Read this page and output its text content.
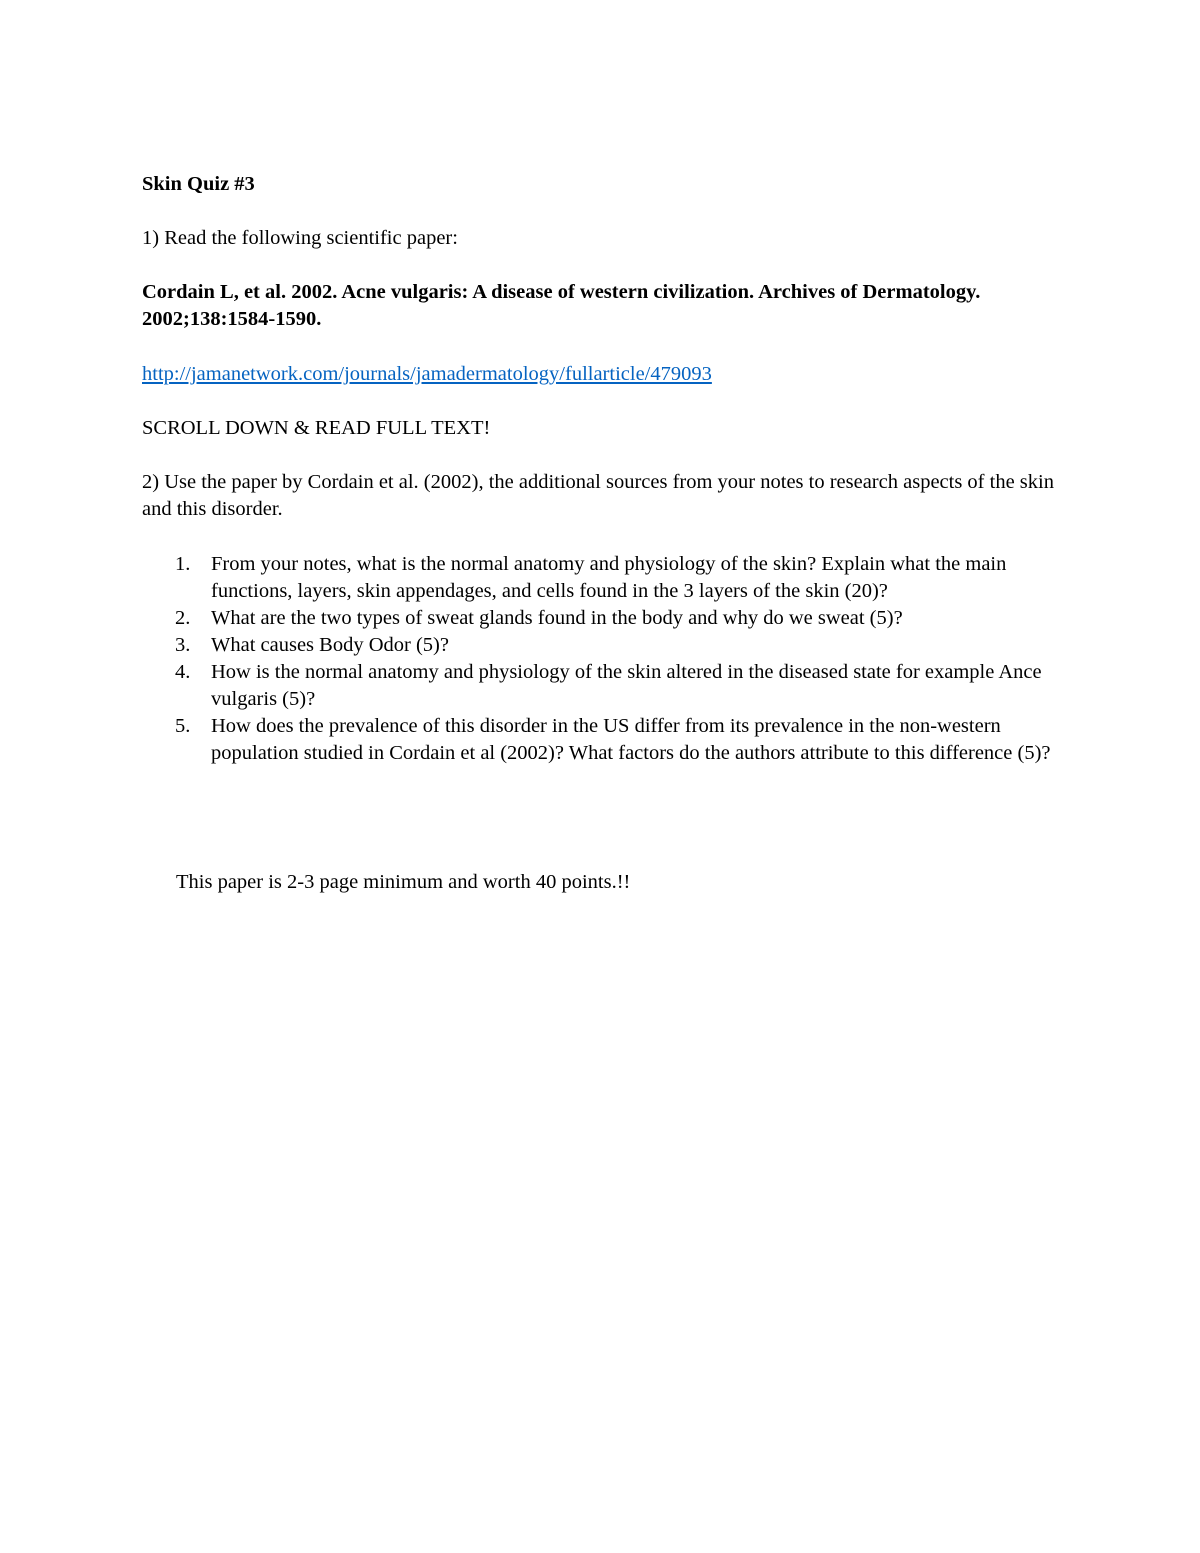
Skin Quiz #3

1) Read the following scientific paper:

Cordain L, et al. 2002. Acne vulgaris: A disease of western civilization. Archives of Dermatology. 2002;138:1584-1590.

http://jamanetwork.com/journals/jamadermatology/fullarticle/479093

SCROLL DOWN & READ FULL TEXT!

2) Use the paper by Cordain et al. (2002), the additional sources from your notes to research aspects of the skin and this disorder.

1. From your notes, what is the normal anatomy and physiology of the skin? Explain what the main functions, layers, skin appendages, and cells found in the 3 layers of the skin (20)?
2. What are the two types of sweat glands found in the body and why do we sweat (5)?
3. What causes Body Odor (5)?
4. How is the normal anatomy and physiology of the skin altered in the diseased state for example Ance vulgaris (5)?
5. How does the prevalence of this disorder in the US differ from its prevalence in the non-western population studied in Cordain et al (2002)? What factors do the authors attribute to this difference (5)?

This paper is 2-3 page minimum and worth 40 points.!!
